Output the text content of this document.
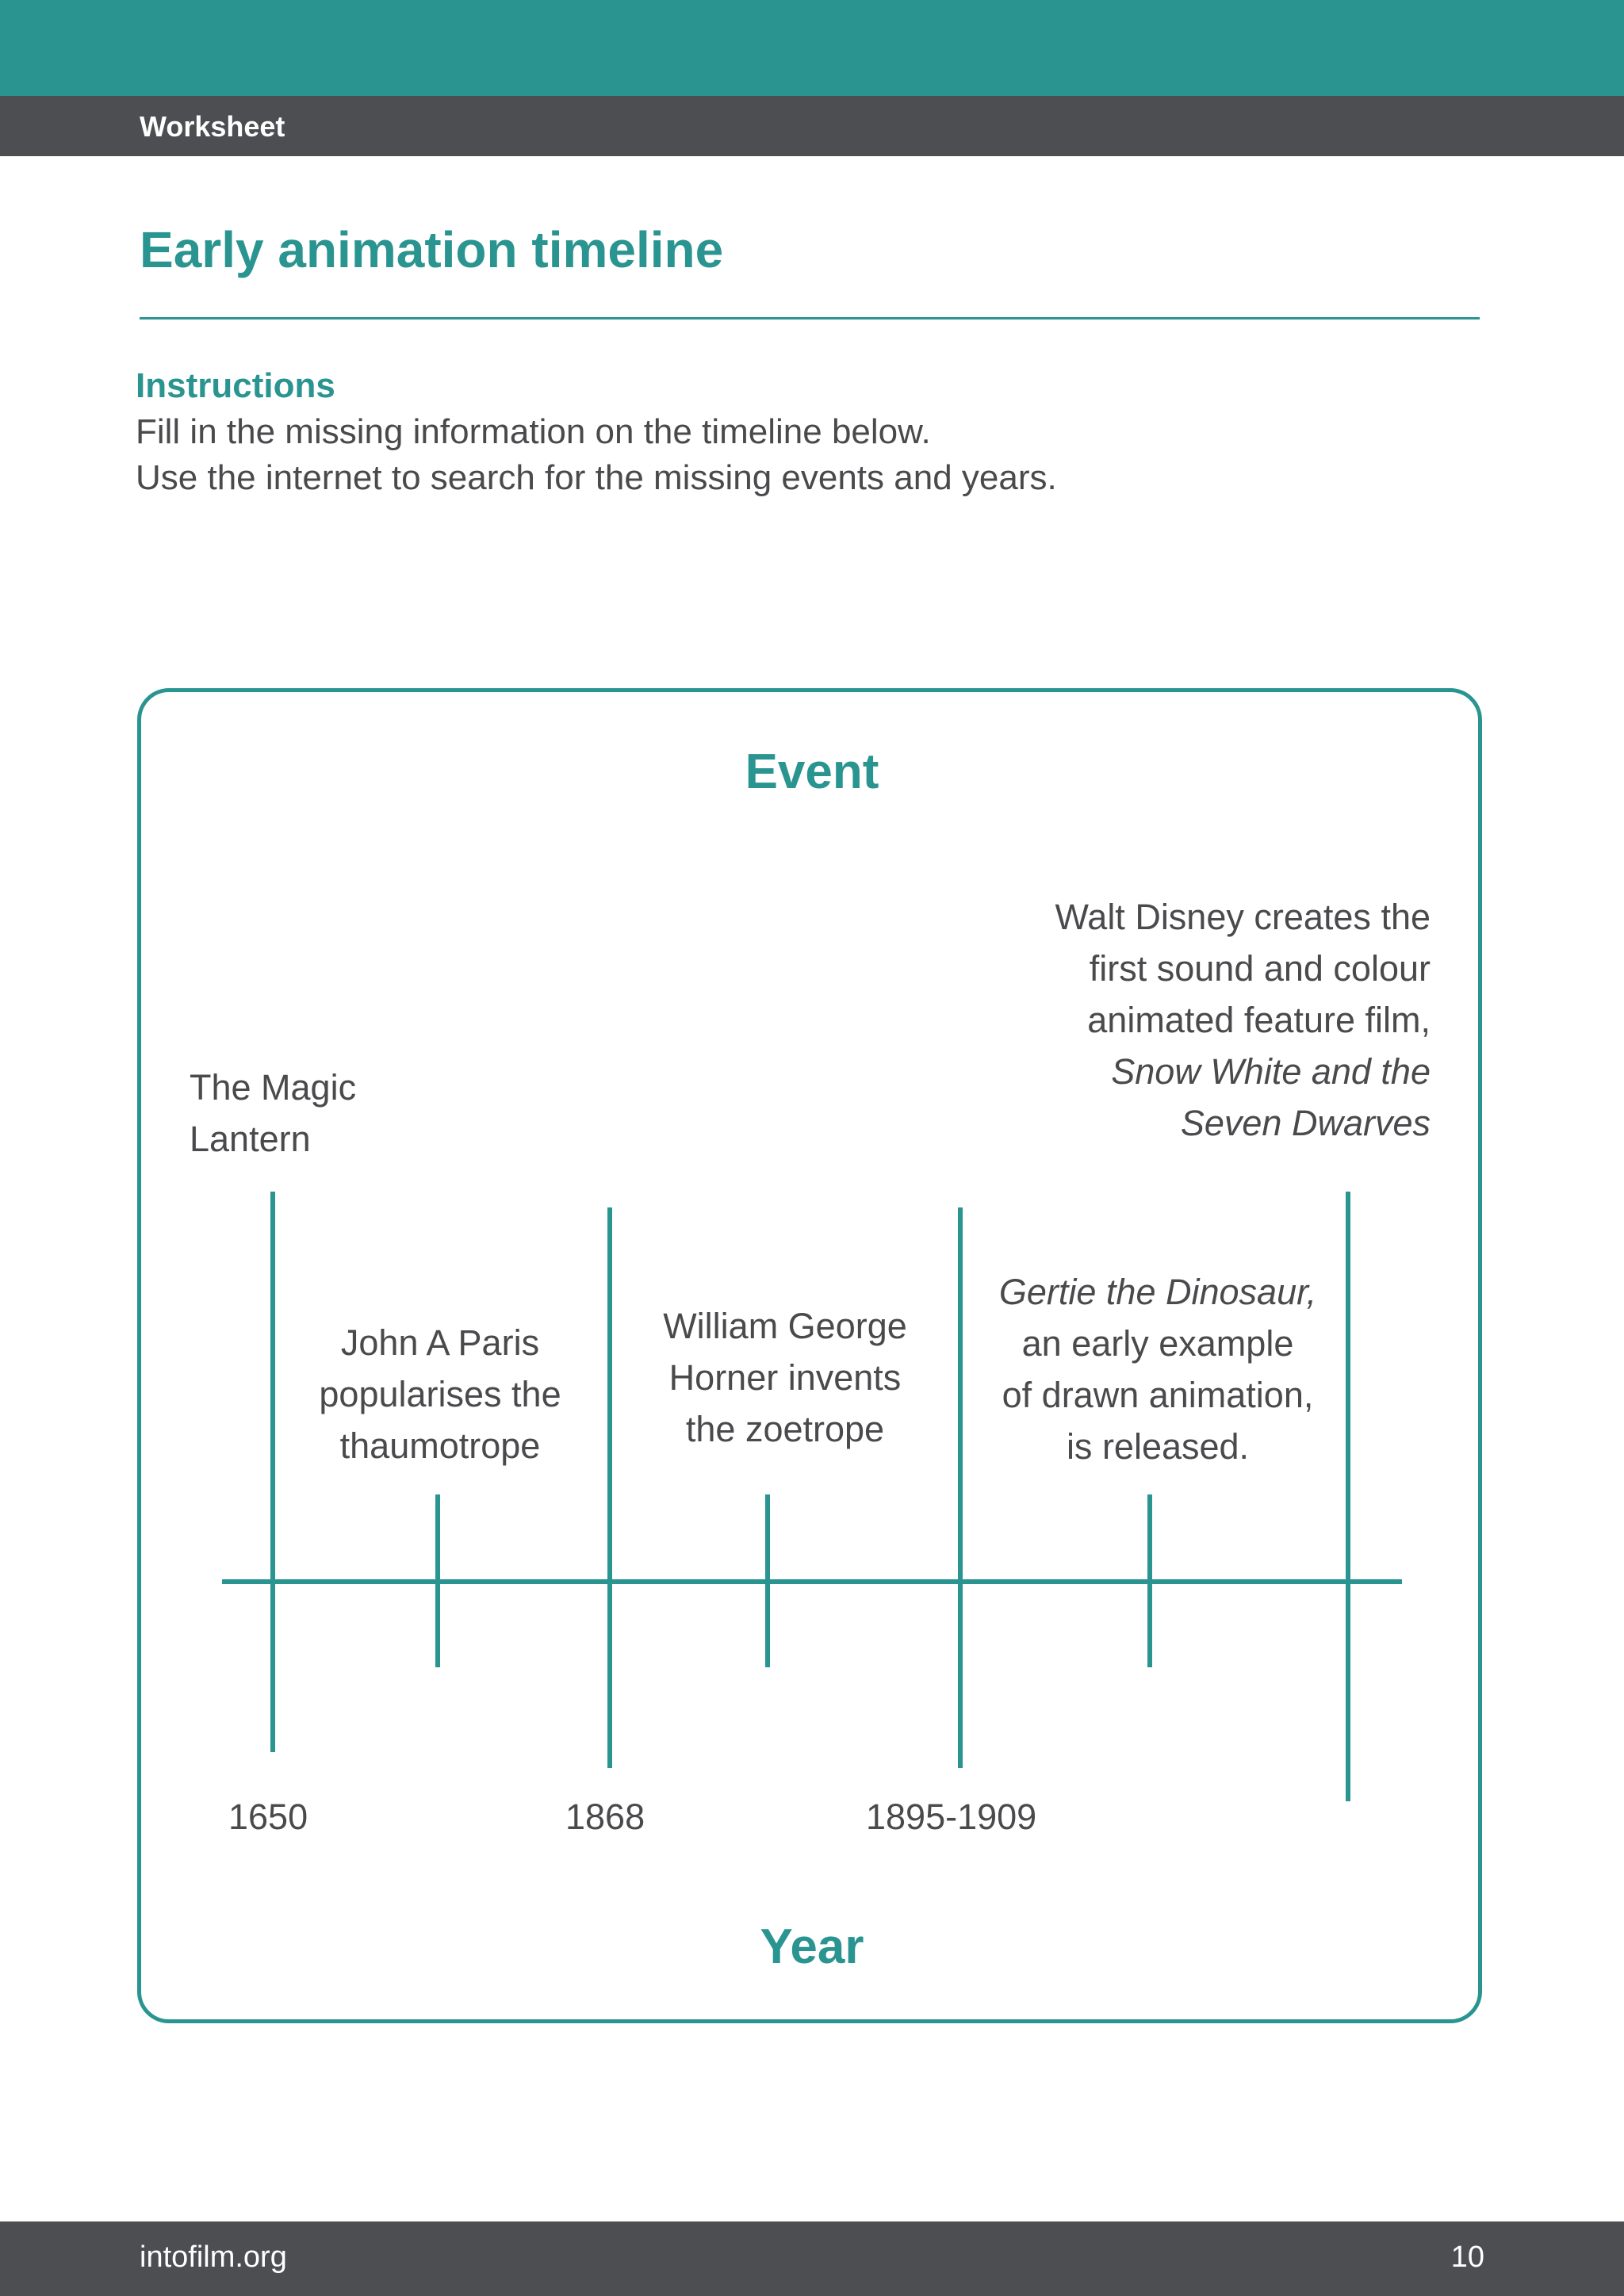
Worksheet
Early animation timeline
Instructions
Fill in the missing information on the timeline below.
Use the internet to search for the missing events and years.
Event
Year
The Magic
Lantern
John A Paris
popularises the
thaumotrope
William George
Horner invents
the zoetrope
Gertie the Dinosaur,
an early example
of drawn animation,
is released.
Walt Disney creates the
first sound and colour
animated feature film,
Snow White and the
Seven Dwarves
1650	1868	1895-1909
intofilm.org	10
